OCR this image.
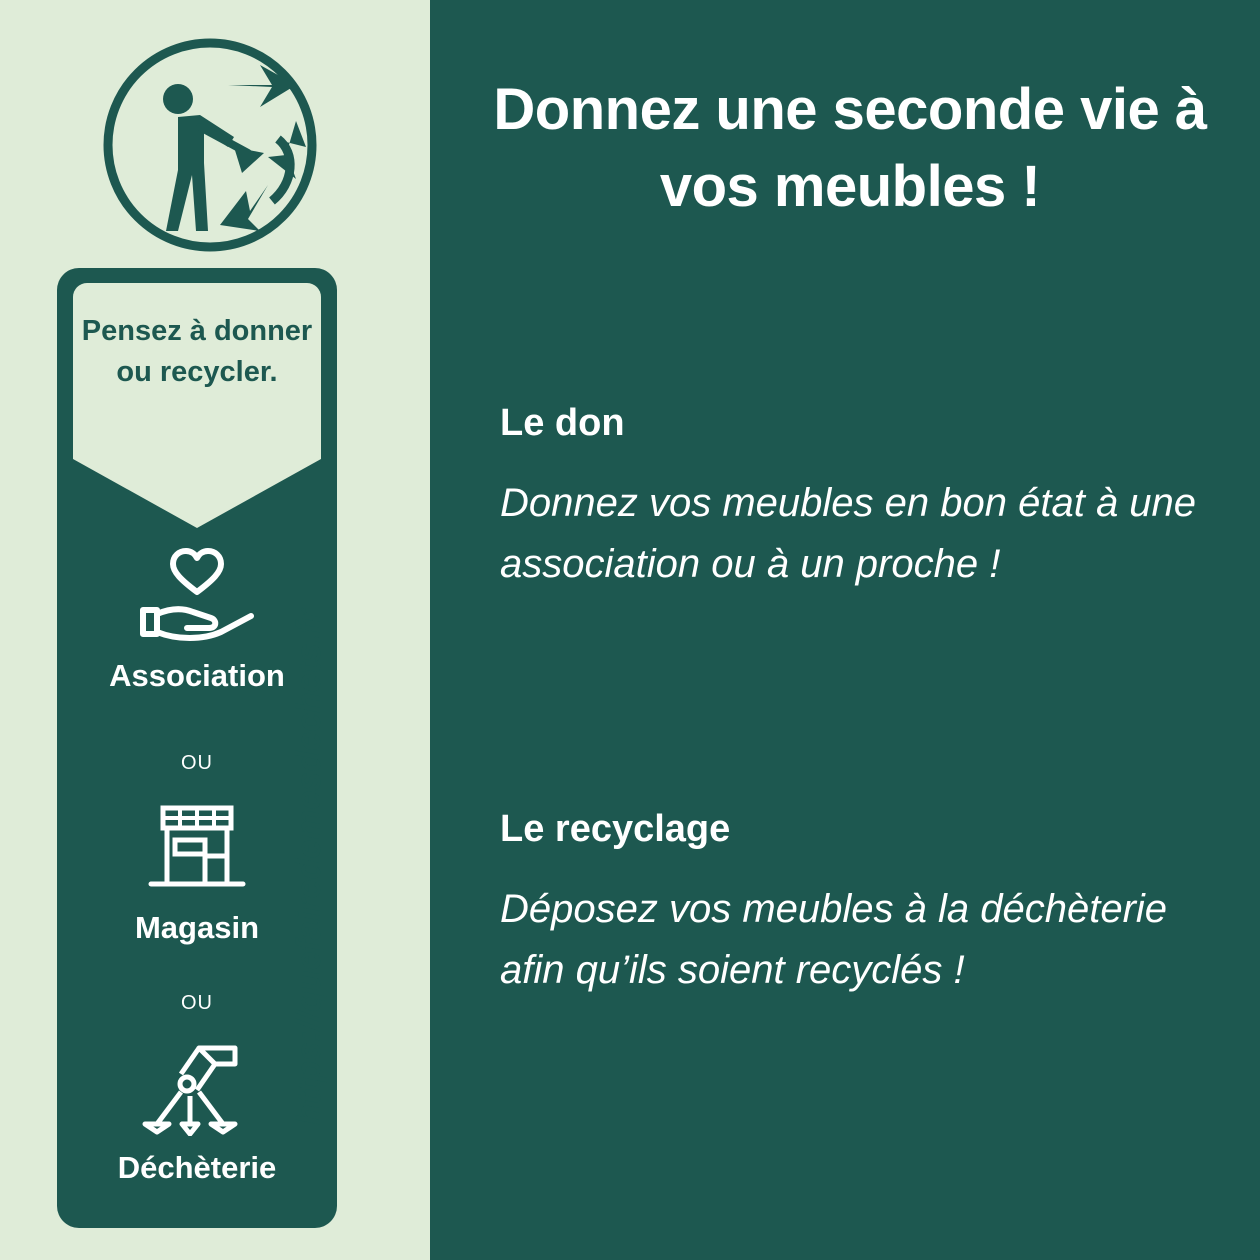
Pensez à donner ou recycler.
Association
OU
Magasin
OU
Déchèterie
https://quefairedemesdechets.fr
Donnez une seconde vie à vos meubles !
Le don

Donnez vos meubles en bon état à une association ou à un proche !

Le recyclage

Déposez vos meubles à la déchèterie afin qu’ils soient recyclés !
